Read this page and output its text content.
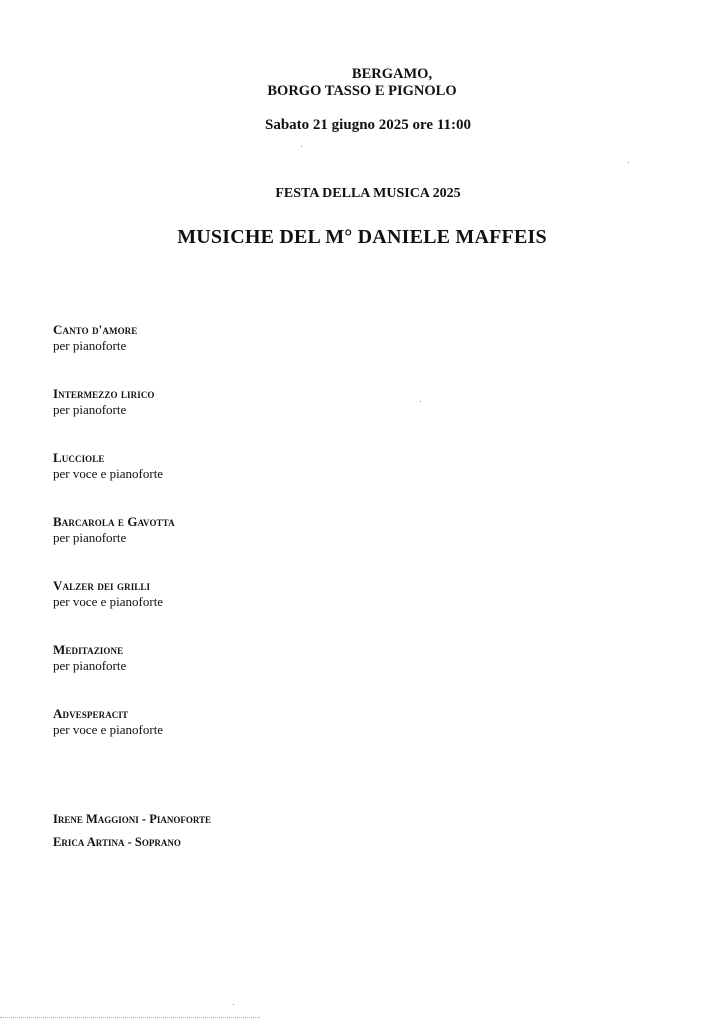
BERGAMO,
BORGO TASSO E PIGNOLO
Sabato 21 giugno 2025 ore 11:00
FESTA DELLA MUSICA 2025
MUSICHE DEL M° DANIELE MAFFEIS
Canto d'amore
per pianoforte
Intermezzo lirico
per pianoforte
Lucciole
per voce e pianoforte
Barcarola e Gavotta
per pianoforte
Valzer dei grilli
per voce e pianoforte
Meditazione
per pianoforte
Advesperacit
per voce e pianoforte
Irene Maggioni - Pianoforte
Erica Artina - Soprano
